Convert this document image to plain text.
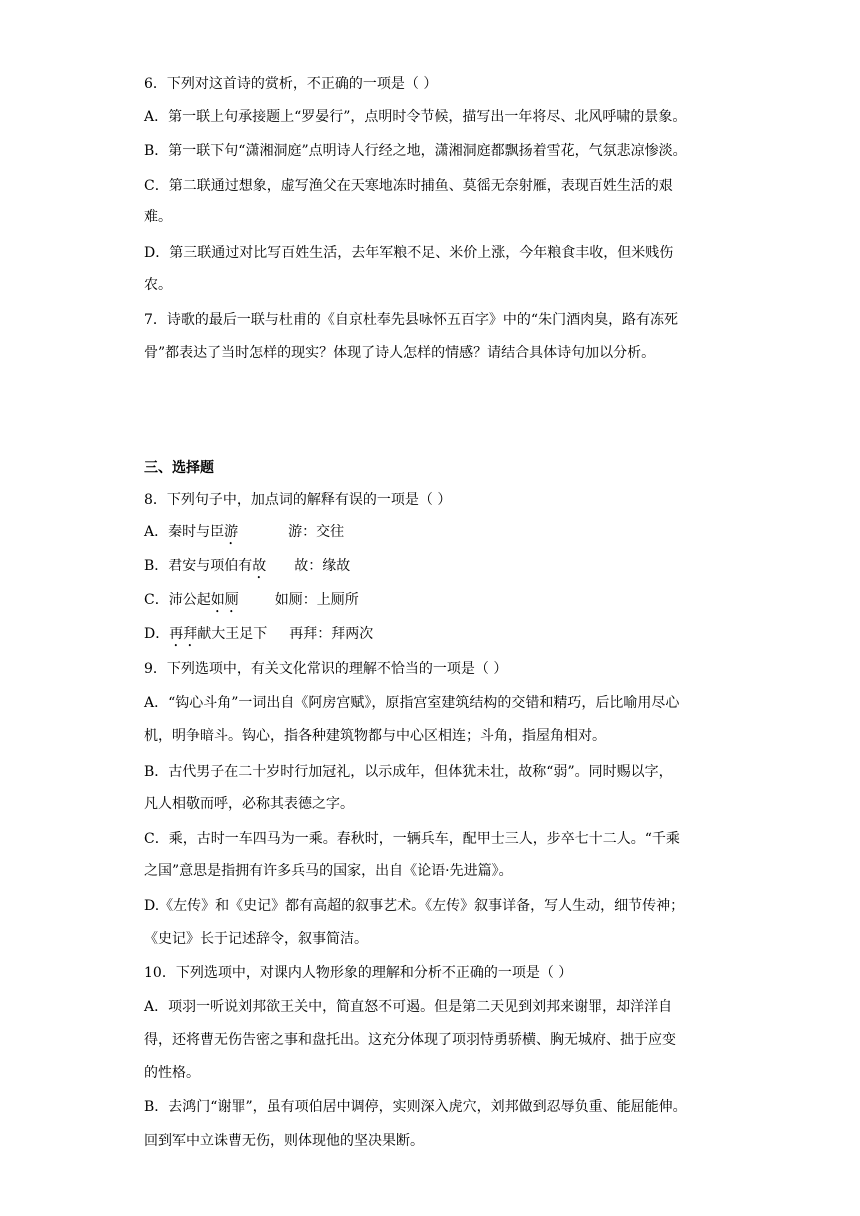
6．下列对这首诗的赏析，不正确的一项是（ ）
A．第一联上句承接题上“罗晏行”，点明时令节候，描写出一年将尽、北风呼啸的景象。
B．第一联下句“潇湘洞庭”点明诗人行经之地，潇湘洞庭都飘扬着雪花，气氛悲凉惨淡。
C．第二联通过想象，虚写渔父在天寒地冻时捕鱼、莫徭无奈射雁，表现百姓生活的艰
难。
D．第三联通过对比写百姓生活，去年军粮不足、米价上涨，今年粮食丰收，但米贱伤
农。
7．诗歌的最后一联与杜甫的《自京杜奉先县咏怀五百字》中的“朱门酒肉臭，路有冻死
骨”都表达了当时怎样的现实？体现了诗人怎样的情感？请结合具体诗句加以分析。
三、选择题
8．下列句子中，加点词的解释有误的一项是（ ）
A．秦时与臣游	游：交往
B．君安与项伯有故 故：缘故
C．沛公起如厕	如厕：上厕所
D．再拜献大王足下 再拜：拜两次
9．下列选项中，有关文化常识的理解不恰当的一项是（ ）
A．“钩心斗角”一词出自《阿房宫赋》，原指宫室建筑结构的交错和精巧，后比喻用尽心
机，明争暗斗。钩心，指各种建筑物都与中心区相连；斗角，指屋角相对。
B．古代男子在二十岁时行加冠礼，以示成年，但体犹未壮，故称“弱”。同时赐以字，
凡人相敬而呼，必称其表德之字。
C．乘，古时一车四马为一乘。春秋时，一辆兵车，配甲士三人，步卒七十二人。“千乘
之国”意思是指拥有许多兵马的国家，出自《论语·先进篇》。
D.《左传》和《史记》都有高超的叙事艺术。《左传》叙事详备，写人生动，细节传神；
《史记》长于记述辞令，叙事简洁。
10．下列选项中，对课内人物形象的理解和分析不正确的一项是（ ）
A．项羽一听说刘邦欲王关中，简直怒不可遏。但是第二天见到刘邦来谢罪，却洋洋自
得，还将曹无伤告密之事和盘托出。这充分体现了项羽恃勇骄横、胸无城府、拙于应变
的性格。
B．去鸿门“谢罪”，虽有项伯居中调停，实则深入虎穴，刘邦做到忍辱负重、能屈能伸。
回到军中立诛曹无伤，则体现他的坚决果断。
